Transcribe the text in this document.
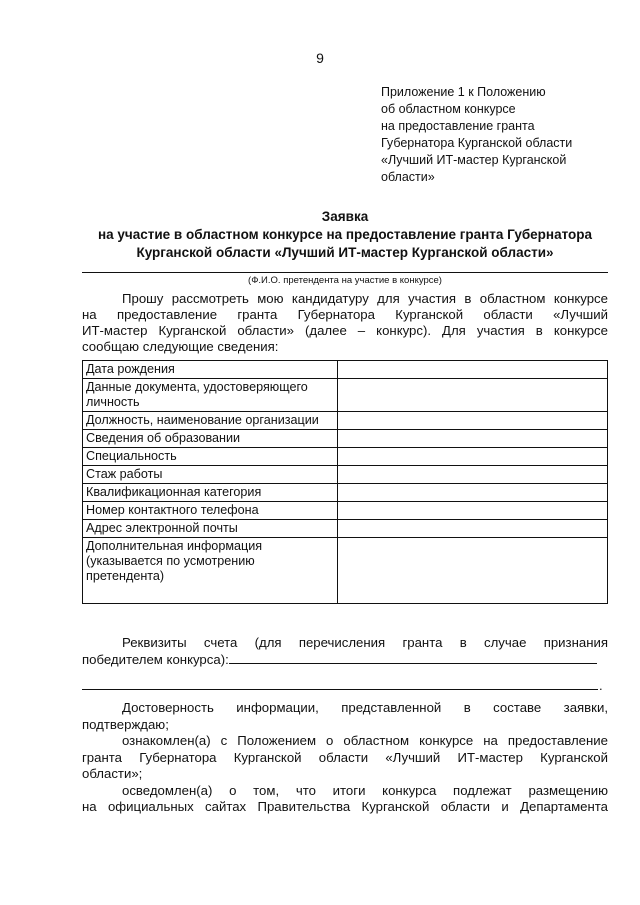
9
Приложение 1 к Положению
об областном конкурсе
на предоставление гранта
Губернатора Курганской области
«Лучший ИТ-мастер Курганской
области»
Заявка
на участие в областном конкурсе на предоставление гранта Губернатора
Курганской области «Лучший ИТ-мастер Курганской области»
(Ф.И.О. претендента на участие в конкурсе)
Прошу рассмотреть мою кандидатуру для участия в областном конкурсе
на предоставление гранта Губернатора Курганской области «Лучший
ИТ-мастер Курганской области» (далее – конкурс). Для участия в конкурсе
сообщаю следующие сведения:
Дата рождения	
Данные документа, удостоверяющего личность	
Должность, наименование организации	
Сведения об образовании	
Специальность	
Стаж работы	
Квалификационная категория	
Номер контактного телефона	
Адрес электронной почты	
Дополнительная информация (указывается по усмотрению претендента)	
Реквизиты счета (для перечисления гранта в случае признания
победителем конкурса):
.

Достоверность информации, представленной в составе заявки,

подтверждаю;

ознакомлен(а) с Положением о областном конкурсе на предоставление

гранта Губернатора Курганской области «Лучший ИТ-мастер Курганской

области»;

осведомлен(а) о том, что итоги конкурса подлежат размещению

на официальных сайтах Правительства Курганской области и Департамента
